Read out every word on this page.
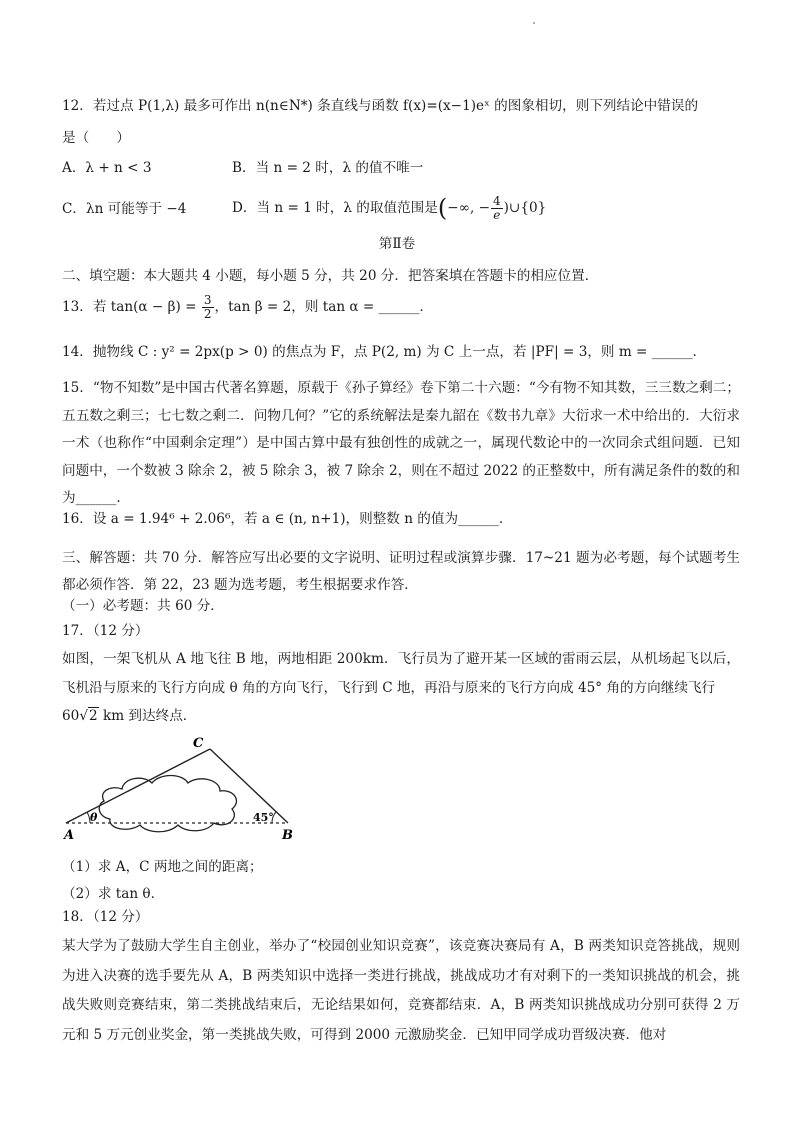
12．若过点 P(1,λ) 最多可作出 n(n∈N*) 条直线与函数 f(x)=(x−1)eˣ 的图象相切，则下列结论中错误的
是（　　）
A．λ + n < 3	B．当 n = 2 时，λ 的值不唯一
C．λn 可能等于 −4	D．当 n = 1 时，λ 的取值范围是(−∞, − $\frac{4}{e}$ )∪{0}
第Ⅱ卷
二、填空题：本大题共 4 小题，每小题 5 分，共 20 分．把答案填在答题卡的相应位置．
13．若 $\tan(\alpha - \beta) = \frac{3}{2}$ ，tan β = 2，则 tan α = ______.
14．抛物线 C : y² = 2px(p > 0) 的焦点为 F，点 P(2, m) 为 C 上一点，若 |PF| = 3，则 m = ______.
15．“物不知数”是中国古代著名算题，原载于《孙子算经》卷下第二十六题：“今有物不知其数，三三数之剩二；五五数之剩三；七七数之剩二．问物几何？”它的系统解法是秦九韶在《数书九章》大衍求一术中给出的．大衍求一术（也称作“中国剩余定理”）是中国古算中最有独创性的成就之一，属现代数论中的一次同余式组问题．已知问题中，一个数被 3 除余 2，被 5 除余 3，被 7 除余 2，则在不超过 2022 的正整数中，所有满足条件的数的和为______.
16．设 a = 1.94⁶ + 2.06⁶，若 a ∈ (n, n+1)，则整数 n 的值为______.
三、解答题：共 70 分．解答应写出必要的文字说明、证明过程或演算步骤．17~21 题为必考题，每个试题考生都必须作答．第 22，23 题为选考题，考生根据要求作答．
（一）必考题：共 60 分．
17．（12 分）
如图，一架飞机从 A 地飞往 B 地，两地相距 200km．飞行员为了避开某一区域的雷雨云层，从机场起飞以后，飞机沿与原来的飞行方向成 θ 角的方向飞行，飞行到 C 地，再沿与原来的飞行方向成 45° 角的方向继续飞行
60√2 km 到达终点．
C
A	B
θ	45°
（1）求 A，C 两地之间的距离；
（2）求 tan θ．
18．（12 分）
某大学为了鼓励大学生自主创业，举办了“校园创业知识竞赛”，该竞赛决赛局有 A，B 两类知识竞答挑战，规则为进入决赛的选手要先从 A，B 两类知识中选择一类进行挑战，挑战成功才有对剩下的一类知识挑战的机会，挑战失败则竞赛结束，第二类挑战结束后，无论结果如何，竞赛都结束．A，B 两类知识挑战成功分别可获得 2 万元和 5 万元创业奖金，第一类挑战失败，可得到 2000 元激励奖金．已知甲同学成功晋级决赛．他对
